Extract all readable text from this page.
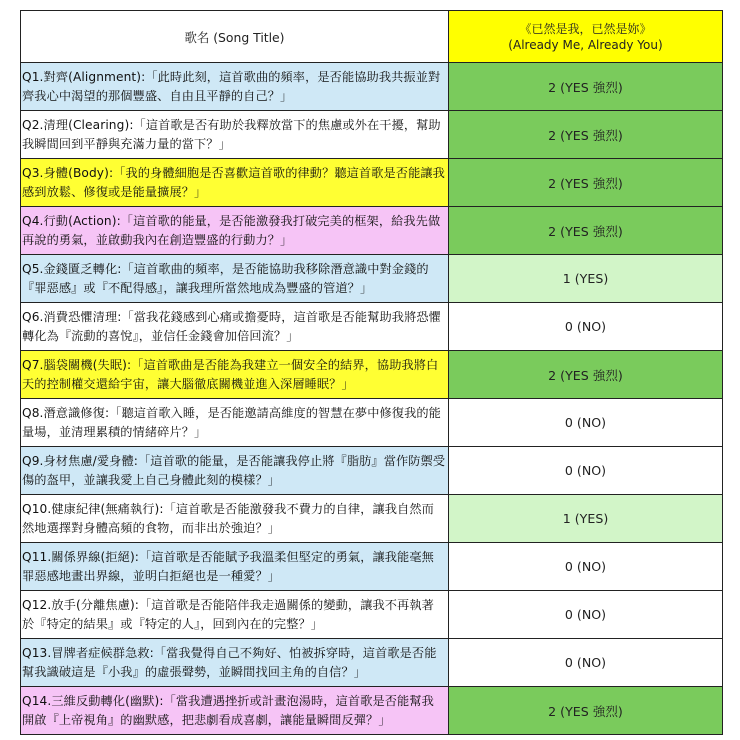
歌名 (Song Title)
《已然是我，已然是妳》
(Already Me, Already You)
Q1.對齊(Alignment):「此時此刻，這首歌曲的頻率，是否能協助我共振並對齊我心中渴望的那個豐盛、自由且平靜的自己？」
2 (YES 強烈)
Q2.清理(Clearing):「這首歌是否有助於我釋放當下的焦慮或外在干擾，幫助我瞬間回到平靜與充滿力量的當下？」
2 (YES 強烈)
Q3.身體(Body):「我的身體細胞是否喜歡這首歌的律動？聽這首歌是否能讓我感到放鬆、修復或是能量擴展？」
2 (YES 強烈)
Q4.行動(Action):「這首歌的能量，是否能激發我打破完美的框架，給我先做再說的勇氣，並啟動我內在創造豐盛的行動力？」
2 (YES 強烈)
Q5.金錢匱乏轉化:「這首歌曲的頻率，是否能協助我移除潛意識中對金錢的『罪惡感』或『不配得感』，讓我理所當然地成為豐盛的管道？」
1 (YES)
Q6.消費恐懼清理:「當我花錢感到心痛或擔憂時，這首歌是否能幫助我將恐懼轉化為『流動的喜悅』，並信任金錢會加倍回流？」
0 (NO)
Q7.腦袋關機(失眠):「這首歌曲是否能為我建立一個安全的結界，協助我將白天的控制權交還給宇宙，讓大腦徹底關機並進入深層睡眠？」
2 (YES 強烈)
Q8.潛意識修復:「聽這首歌入睡，是否能邀請高維度的智慧在夢中修復我的能量場，並清理累積的情緒碎片？」
0 (NO)
Q9.身材焦慮/愛身體:「這首歌的能量，是否能讓我停止將『脂肪』當作防禦受傷的盔甲，並讓我愛上自己身體此刻的模樣？」
0 (NO)
Q10.健康紀律(無痛執行):「這首歌是否能激發我不費力的自律，讓我自然而然地選擇對身體高頻的食物，而非出於強迫？」
1 (YES)
Q11.關係界線(拒絕):「這首歌是否能賦予我溫柔但堅定的勇氣，讓我能毫無罪惡感地畫出界線，並明白拒絕也是一種愛？」
0 (NO)
Q12.放手(分離焦慮):「這首歌是否能陪伴我走過關係的變動，讓我不再執著於『特定的結果』或『特定的人』，回到內在的完整？」
0 (NO)
Q13.冒牌者症候群急救:「當我覺得自己不夠好、怕被拆穿時，這首歌是否能幫我識破這是『小我』的虛張聲勢，並瞬間找回主角的自信？」
0 (NO)
Q14.三維反動轉化(幽默):「當我遭遇挫折或計畫泡湯時，這首歌是否能幫我開啟『上帝視角』的幽默感，把悲劇看成喜劇，讓能量瞬間反彈？」
2 (YES 強烈)
